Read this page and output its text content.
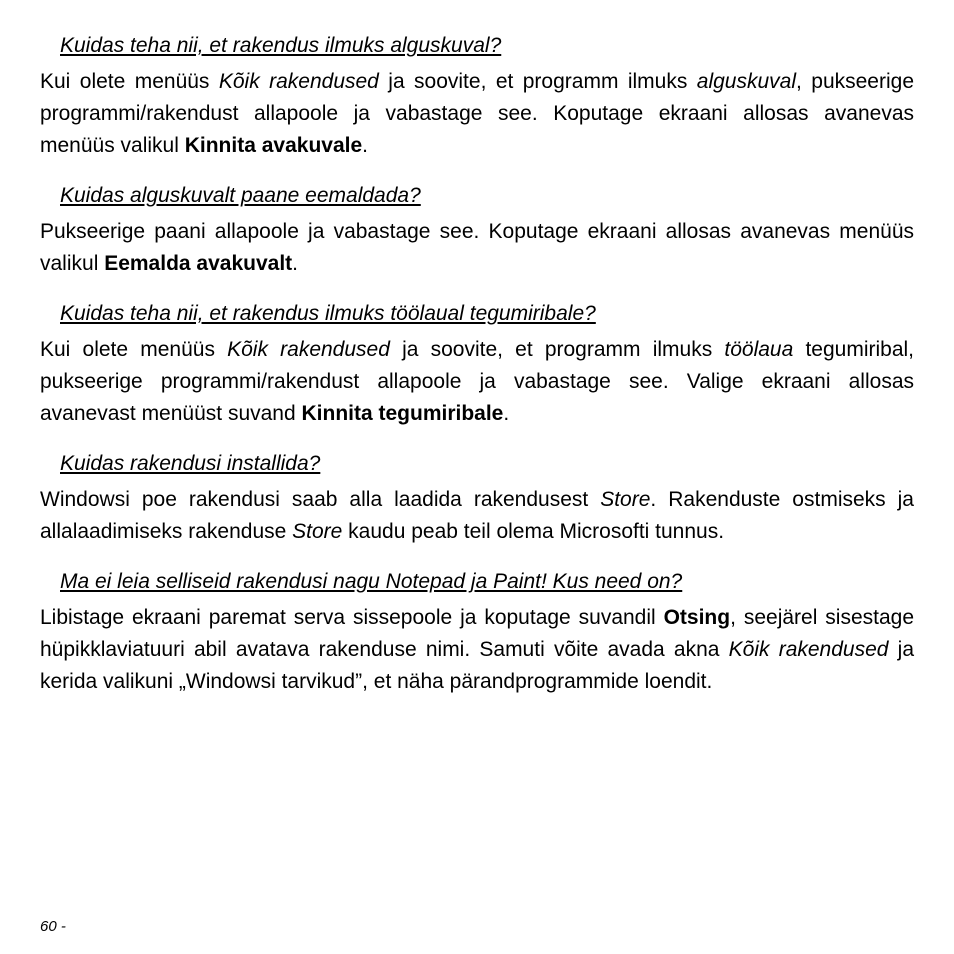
Kuidas teha nii, et rakendus ilmuks alguskuval?

Kui olete menüüs Kõik rakendused ja soovite, et programm ilmuks alguskuval, pukseerige programmi/rakendust allapoole ja vabastage see. Koputage ekraani allosas avanevas menüüs valikul Kinnita avakuvale.

Kuidas alguskuvalt paane eemaldada?

Pukseerige paani allapoole ja vabastage see. Koputage ekraani allosas avanevas menüüs valikul Eemalda avakuvalt.

Kuidas teha nii, et rakendus ilmuks töölaual tegumiribale?

Kui olete menüüs Kõik rakendused ja soovite, et programm ilmuks töölaua tegumiribal, pukseerige programmi/rakendust allapoole ja vabastage see. Valige ekraani allosas avanevast menüüst suvand Kinnita tegumiribale.

Kuidas rakendusi installida?

Windowsi poe rakendusi saab alla laadida rakendusest Store. Rakenduste ostmiseks ja allalaadimiseks rakenduse Store kaudu peab teil olema Microsofti tunnus.

Ma ei leia selliseid rakendusi nagu Notepad ja Paint! Kus need on?

Libistage ekraani paremat serva sissepoole ja koputage suvandil Otsing, seejärel sisestage hüpikklaviatuuri abil avatava rakenduse nimi. Samuti võite avada akna Kõik rakendused ja kerida valikuni „Windowsi tarvikud”, et näha pärandprogrammide loendit.

60 -
